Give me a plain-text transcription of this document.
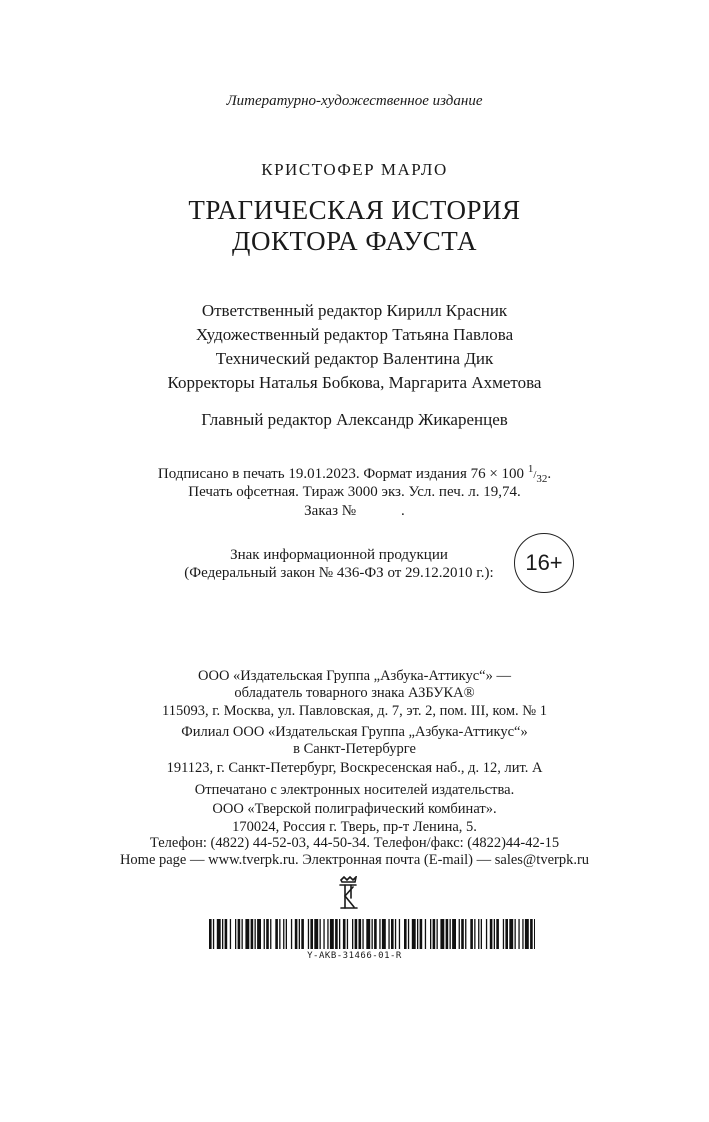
Литературно-художественное издание
КРИСТОФЕР МАРЛО
ТРАГИЧЕСКАЯ ИСТОРИЯ
ДОКТОРА ФАУСТА
Ответственный редактор Кирилл Красник
Художественный редактор Татьяна Павлова
Технический редактор Валентина Дик
Корректоры Наталья Бобкова, Маргарита Ахметова
Главный редактор Александр Жикаренцев
Подписано в печать 19.01.2023. Формат издания 76 × 100 $^1/_{32}$.
Печать офсетная. Тираж 3000 экз. Усл. печ. л. 19,74.
Заказ №            .
Знак информационной продукции
(Федеральный закон № 436-ФЗ от 29.12.2010 г.):	16+
ООО «Издательская Группа „Азбука-Аттикус“» —
обладатель товарного знака АЗБУКА®
115093, г. Москва, ул. Павловская, д. 7, эт. 2, пом. III, ком. № 1
Филиал ООО «Издательская Группа „Азбука-Аттикус“»
в Санкт-Петербурге
191123, г. Санкт-Петербург, Воскресенская наб., д. 12, лит. А
Отпечатано с электронных носителей издательства.
ООО «Тверской полиграфический комбинат».
170024, Россия г. Тверь, пр-т Ленина, 5.
Телефон: (4822) 44-52-03, 44-50-34. Телефон/факс: (4822)44-42-15
Home page — www.tverpk.ru. Электронная почта (E-mail) — sales@tverpk.ru
Y-AKB-31466-01-R
